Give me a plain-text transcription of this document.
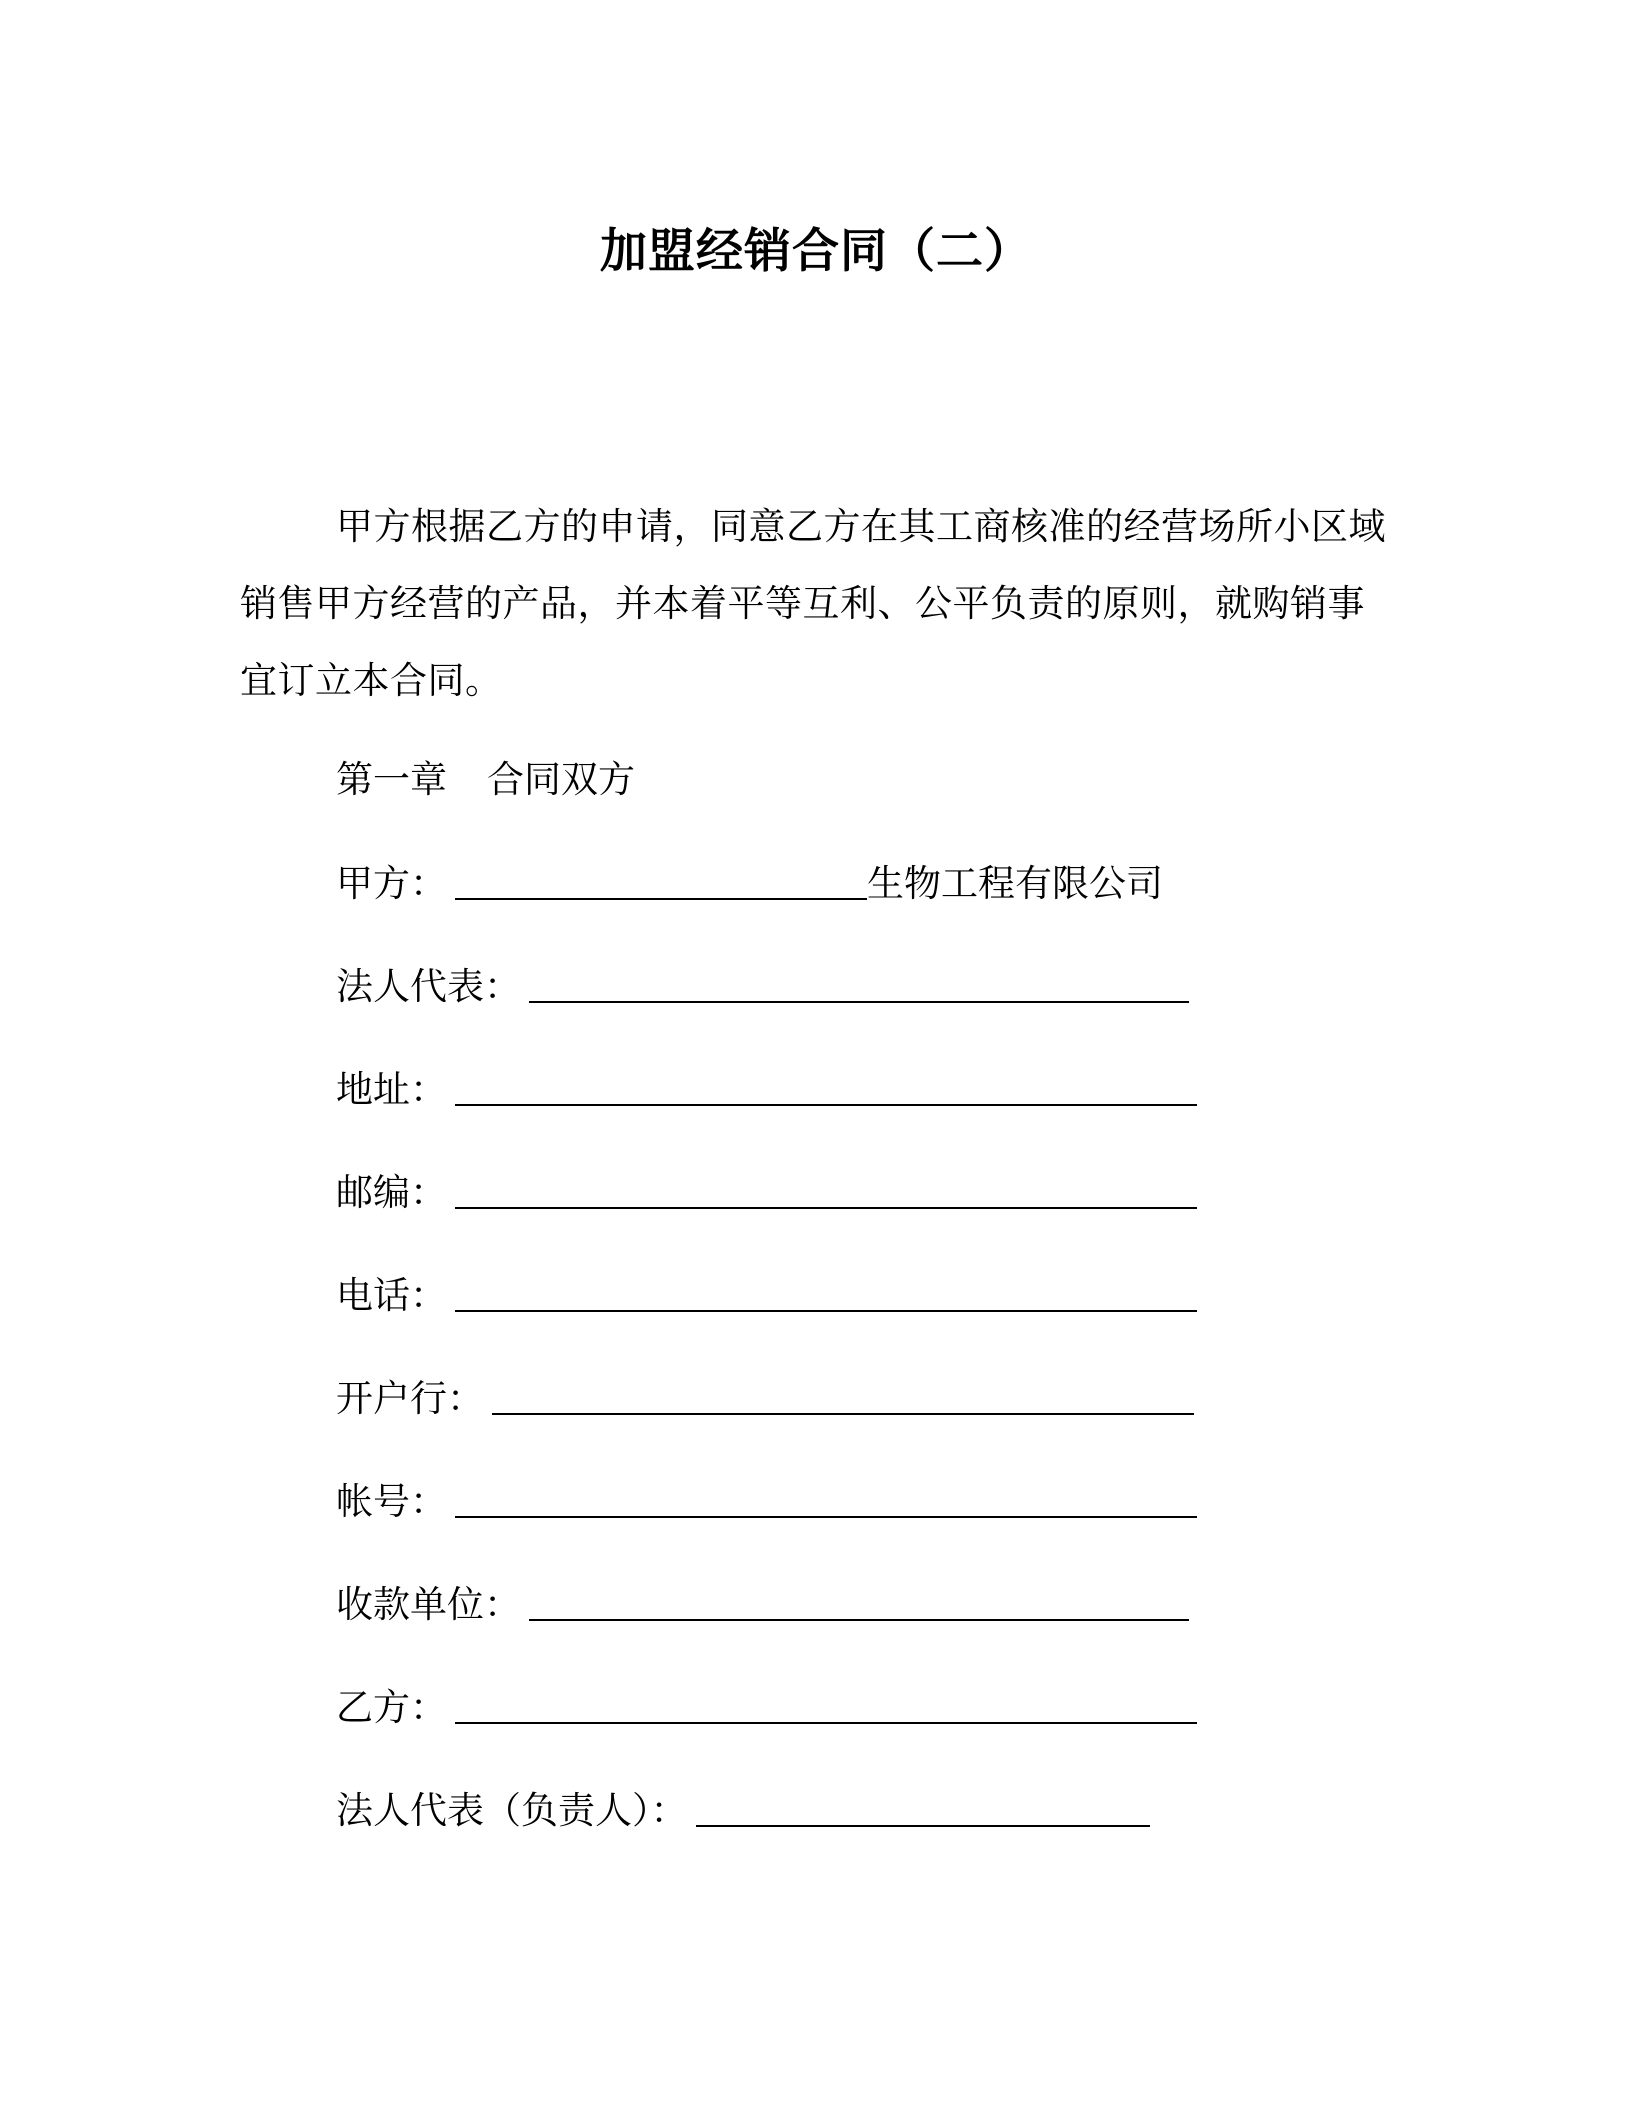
加盟经销合同（二）
甲方根据乙方的申请，同意乙方在其工商核准的经营场所小区域销售甲方经营的产品，并本着平等互利、公平负责的原则，就购销事宜订立本合同。
第一章 合同双方
甲方：	生物工程有限公司
法人代表：
地址：
邮编：
电话：
开户行：
帐号：
收款单位：
乙方：
法人代表（负责人）：
